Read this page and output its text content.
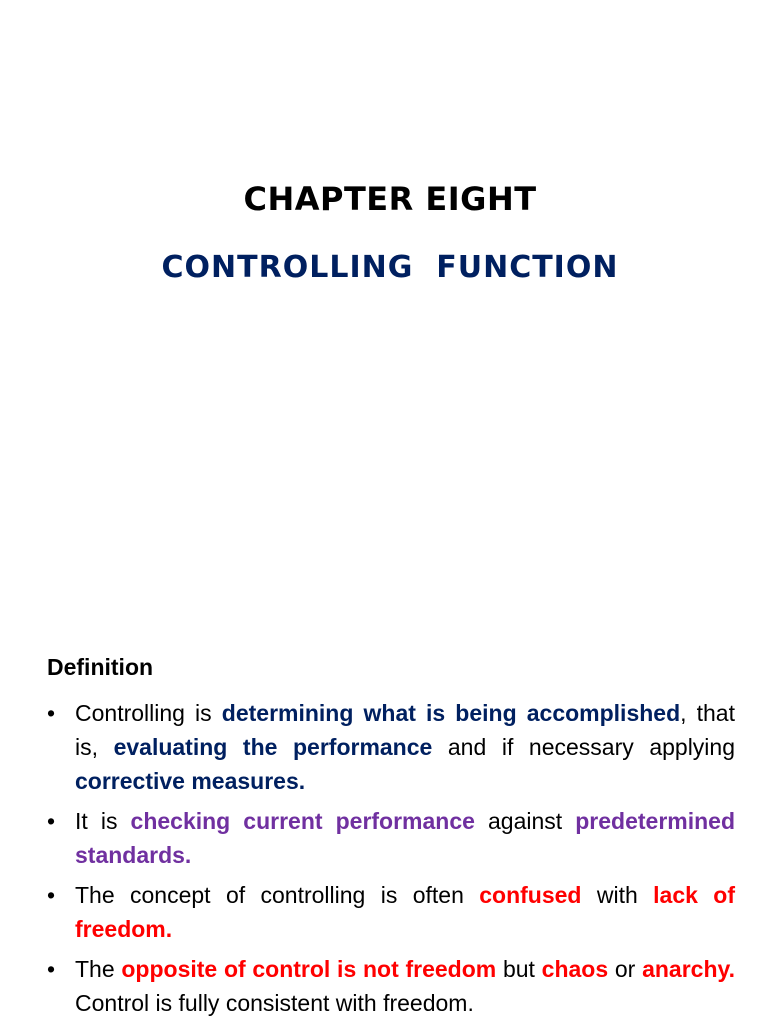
CHAPTER EIGHT
CONTROLLING  FUNCTION
Definition
• Controlling is determining what is being accomplished, that is, evaluating the performance and if necessary applying corrective measures.
• It is checking current performance against predetermined standards.
• The concept of controlling is often confused with lack of freedom.
• The opposite of control is not freedom but chaos or anarchy.  Control is fully consistent with freedom.
